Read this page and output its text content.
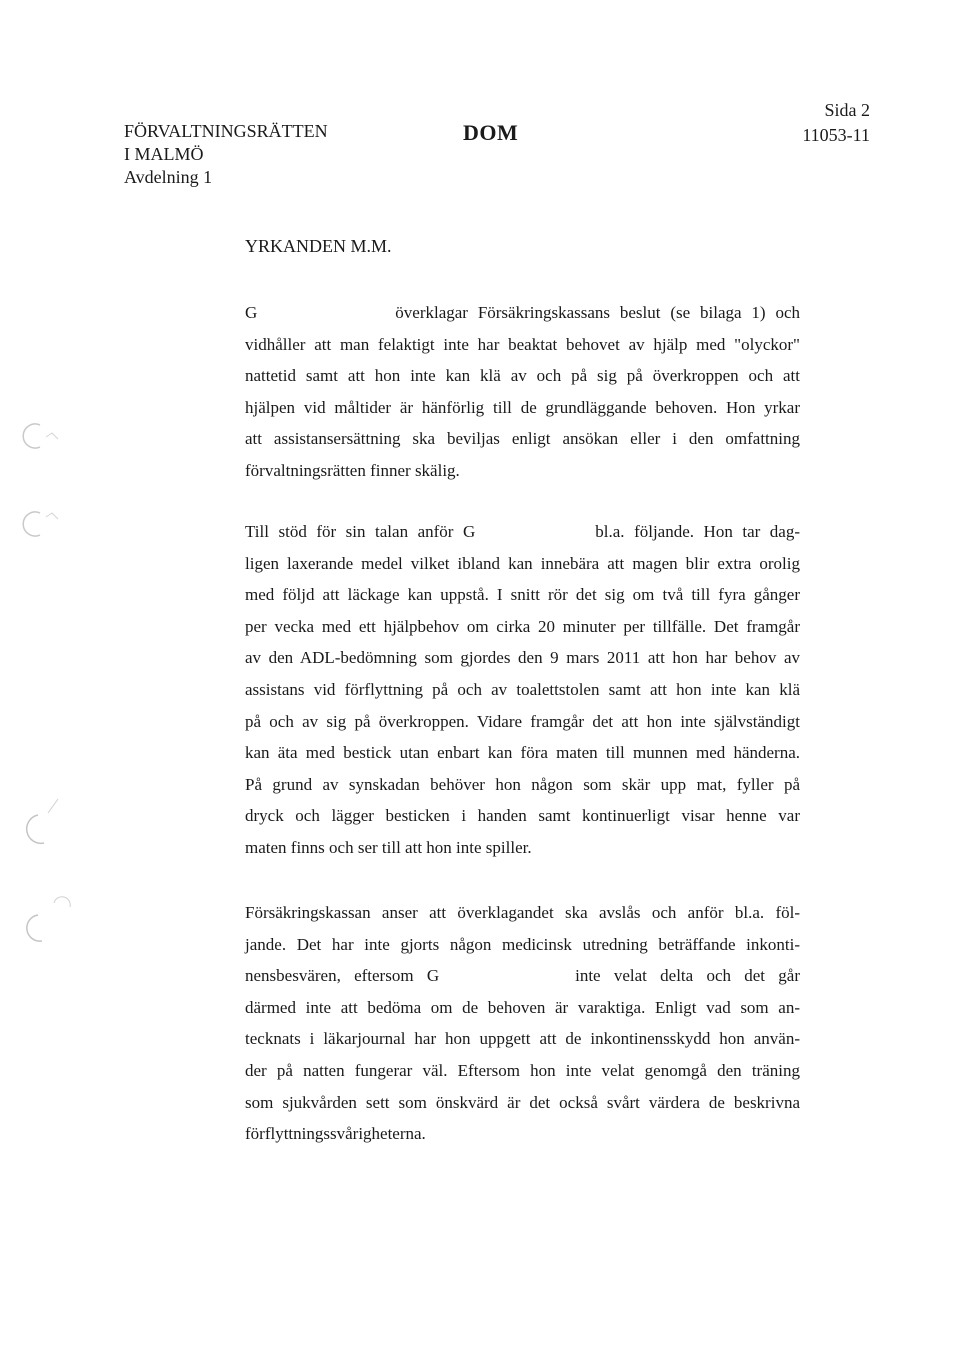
FÖRVALTNINGSRÄTTEN
I MALMÖ
Avdelning 1
DOM
Sida 2
11053-11
YRKANDEN M.M.
G	överklagar Försäkringskassans beslut (se bilaga 1) och
vidhåller att man felaktigt inte har beaktat behovet av hjälp med "olyckor"
nattetid samt att hon inte kan klä av och på sig på överkroppen och att
hjälpen vid måltider är hänförlig till de grundläggande behoven. Hon yrkar
att assistansersättning ska beviljas enligt ansökan eller i den omfattning
förvaltningsrätten finner skälig.
Till stöd för sin talan anför G	bl.a. följande. Hon tar dag-
ligen laxerande medel vilket ibland kan innebära att magen blir extra orolig
med följd att läckage kan uppstå. I snitt rör det sig om två till fyra gånger
per vecka med ett hjälpbehov om cirka 20 minuter per tillfälle. Det framgår
av den ADL-bedömning som gjordes den 9 mars 2011 att hon har behov av
assistans vid förflyttning på och av toalettstolen samt att hon inte kan klä
på och av sig på överkroppen. Vidare framgår det att hon inte självständigt
kan äta med bestick utan enbart kan föra maten till munnen med händerna.
På grund av synskadan behöver hon någon som skär upp mat, fyller på
dryck och lägger besticken i handen samt kontinuerligt visar henne var
maten finns och ser till att hon inte spiller.
Försäkringskassan anser att överklagandet ska avslås och anför bl.a. föl-
jande. Det har inte gjorts någon medicinsk utredning beträffande inkonti-
nensbesvären, eftersom G	inte velat delta och det går
därmed inte att bedöma om de behoven är varaktiga. Enligt vad som an-
tecknats i läkarjournal har hon uppgett att de inkontinensskydd hon använ-
der på natten fungerar väl. Eftersom hon inte velat genomgå den träning
som sjukvården sett som önskvärd är det också svårt värdera de beskrivna
förflyttningssvårigheterna.
